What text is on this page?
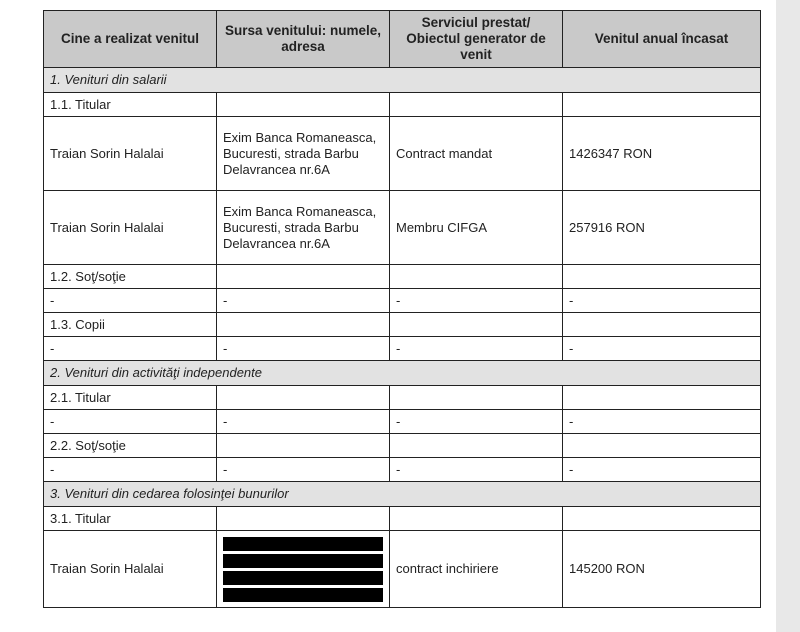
Cine a realizat venitul	Sursa venitului: numele, adresa	Serviciul prestat/ Obiectul generator de venit	Venitul anual încasat
1. Venituri din salarii			
1.1. Titular			
Traian Sorin Halalai	Exim Banca Romaneasca, Bucuresti, strada Barbu Delavrancea nr.6A	Contract mandat	1426347 RON
Traian Sorin Halalai	Exim Banca Romaneasca, Bucuresti, strada Barbu Delavrancea nr.6A	Membru CIFGA	257916 RON
1.2. Soţ/soţie			
-	-	-	-
1.3. Copii			
-	-	-	-
2. Venituri din activităţi independente			
2.1. Titular			
-	-	-	-
2.2. Soţ/soţie			
-	-	-	-
3. Venituri din cedarea folosinţei bunurilor			
3.1. Titular			
Traian Sorin Halalai		contract inchiriere	145200 RON
